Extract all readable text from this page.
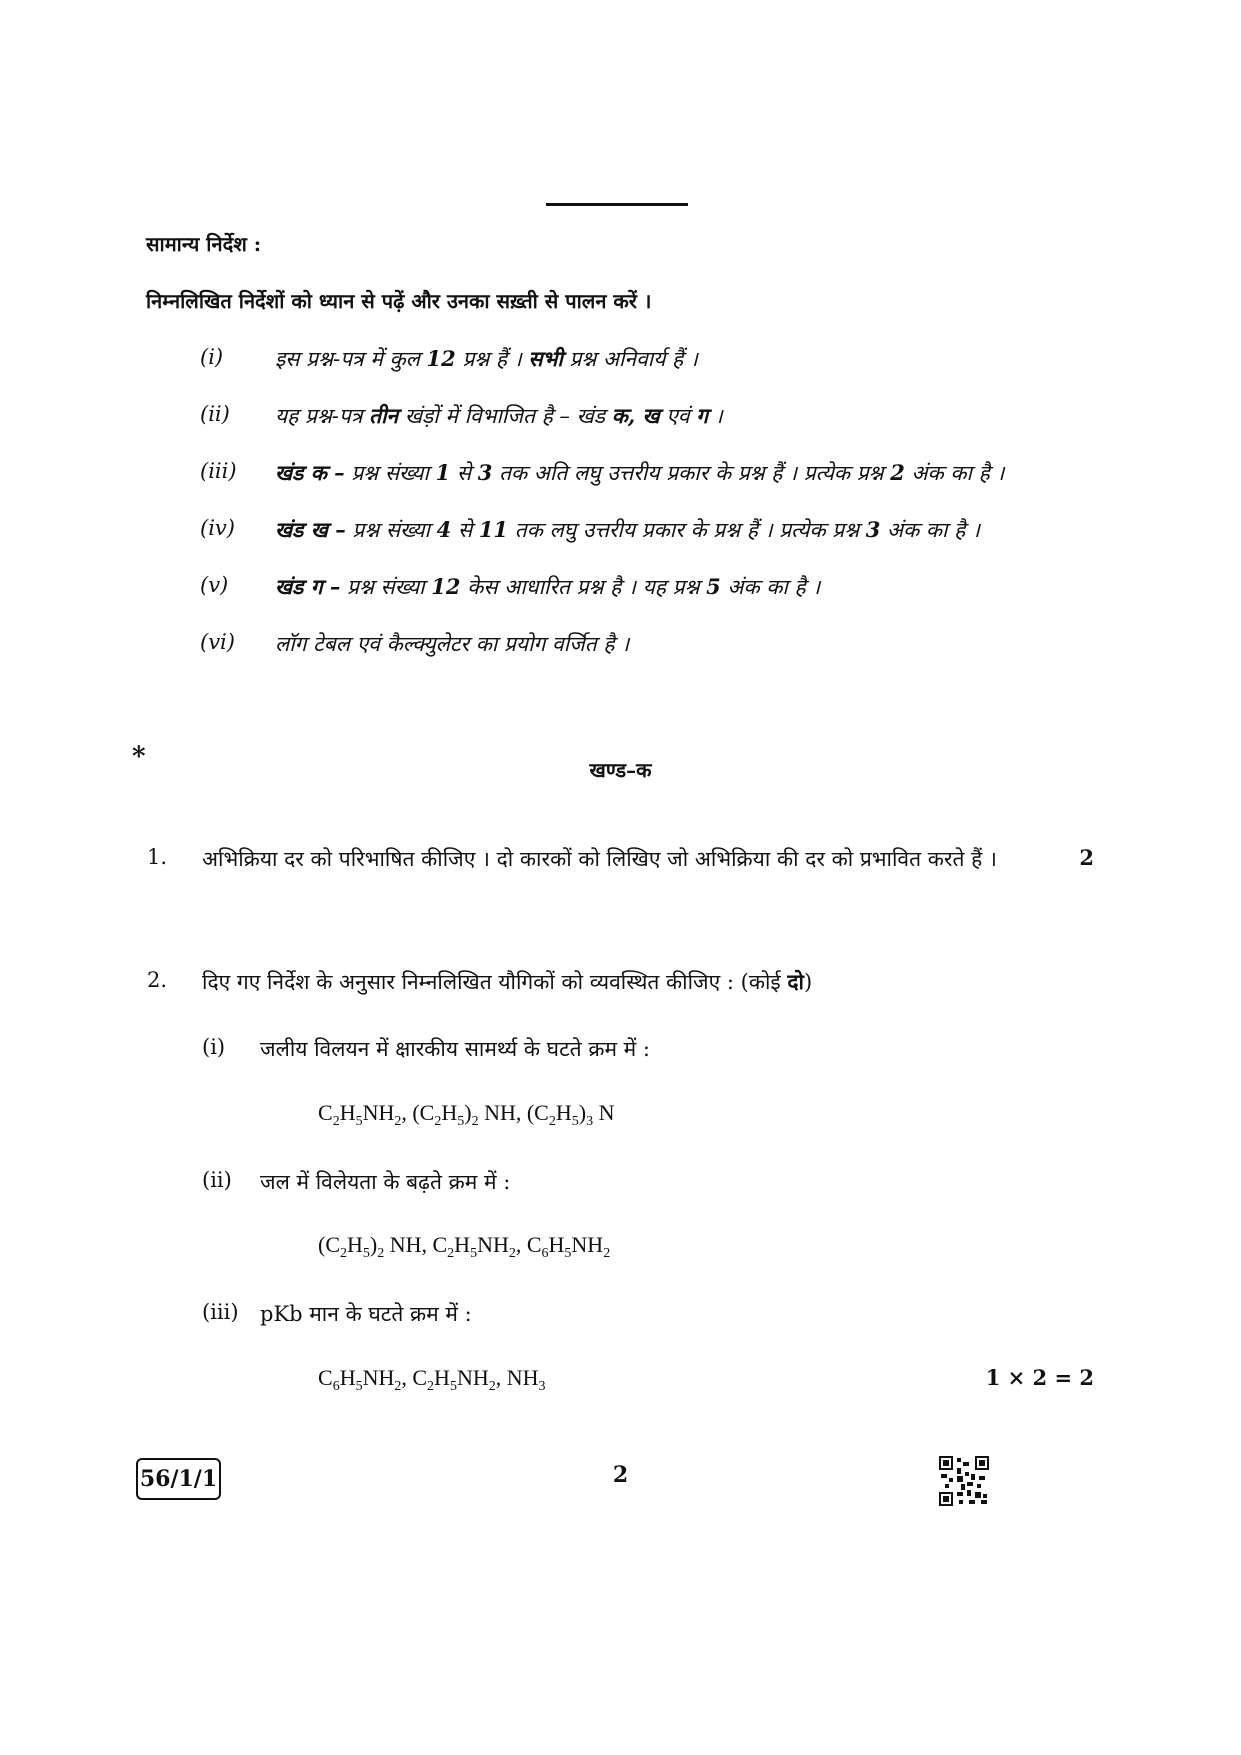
सामान्य निर्देश :
निम्नलिखित निर्देशों को ध्यान से पढ़ें और उनका सख़्ती से पालन करें ।
(i)	इस प्रश्न-पत्र में कुल 12 प्रश्न हैं । सभी प्रश्न अनिवार्य हैं ।
(ii)	यह प्रश्न-पत्र तीन खंड़ों में विभाजित है – खंड क, ख एवं ग ।
(iii)	खंड क – प्रश्न संख्या 1 से 3 तक अति लघु उत्तरीय प्रकार के प्रश्न हैं । प्रत्येक प्रश्न 2 अंक का है ।
(iv)	खंड ख – प्रश्न संख्या 4 से 11 तक लघु उत्तरीय प्रकार के प्रश्न हैं । प्रत्येक प्रश्न 3 अंक का है ।
(v)	खंड ग – प्रश्न संख्या 12 केस आधारित प्रश्न है । यह प्रश्न 5 अंक का है ।
(vi)	लॉग टेबल एवं कैल्क्युलेटर का प्रयोग वर्जित है ।
*	खण्ड–क
1. अभिक्रिया दर को परिभाषित कीजिए । दो कारकों को लिखिए जो अभिक्रिया की दर को प्रभावित करते हैं ।	2
2. दिए गए निर्देश के अनुसार निम्नलिखित यौगिकों को व्यवस्थित कीजिए : (कोई दो)
(i) जलीय विलयन में क्षारकीय सामर्थ्य के घटते क्रम में :
$C_2H_5NH_2$, $(C_2H_5)_2$ NH, $(C_2H_5)_3$ N
(ii) जल में विलेयता के बढ़ते क्रम में :
$(C_2H_5)_2$ NH, $C_2H_5NH_2$, $C_6H_5NH_2$
(iii) pKb मान के घटते क्रम में :
$C_6H_5NH_2$, $C_2H_5NH_2$, $NH_3$	1 × 2 = 2
56/1/1	2
